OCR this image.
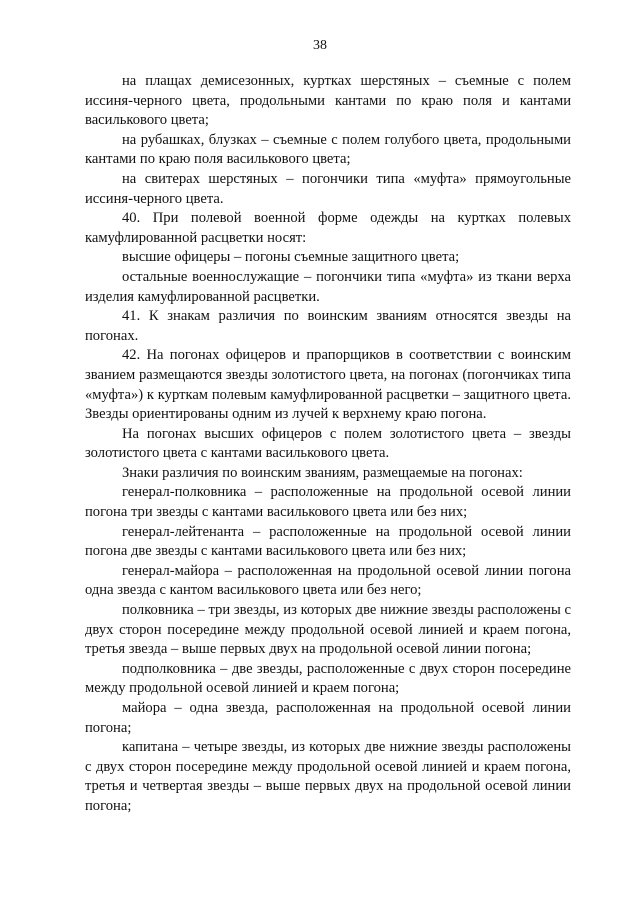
38

на плащах демисезонных, куртках шерстяных – съемные с полем иссиня-черного цвета, продольными кантами по краю поля и кантами василькового цвета;

на рубашках, блузках – съемные с полем голубого цвета, продольными кантами по краю поля василькового цвета;

на свитерах шерстяных – погончики типа «муфта» прямоугольные иссиня-черного цвета.

40. При полевой военной форме одежды на куртках полевых камуфлированной расцветки носят:

высшие офицеры – погоны съемные защитного цвета;

остальные военнослужащие – погончики типа «муфта» из ткани верха изделия камуфлированной расцветки.

41. К знакам различия по воинским званиям относятся звезды на погонах.

42. На погонах офицеров и прапорщиков в соответствии с воинским званием размещаются звезды золотистого цвета, на погонах (погончиках типа «муфта») к курткам полевым камуфлированной расцветки – защитного цвета. Звезды ориентированы одним из лучей к верхнему краю погона.

На погонах высших офицеров с полем золотистого цвета – звезды золотистого цвета с кантами василькового цвета.

Знаки различия по воинским званиям, размещаемые на погонах:

генерал-полковника – расположенные на продольной осевой линии погона три звезды с кантами василькового цвета или без них;

генерал-лейтенанта – расположенные на продольной осевой линии погона две звезды с кантами василькового цвета или без них;

генерал-майора – расположенная на продольной осевой линии погона одна звезда с кантом василькового цвета или без него;

полковника – три звезды, из которых две нижние звезды расположены с двух сторон посередине между продольной осевой линией и краем погона, третья звезда – выше первых двух на продольной осевой линии погона;

подполковника – две звезды, расположенные с двух сторон посередине между продольной осевой линией и краем погона;

майора – одна звезда, расположенная на продольной осевой линии погона;

капитана – четыре звезды, из которых две нижние звезды расположены с двух сторон посередине между продольной осевой линией и краем погона, третья и четвертая звезды – выше первых двух на продольной осевой линии погона;
